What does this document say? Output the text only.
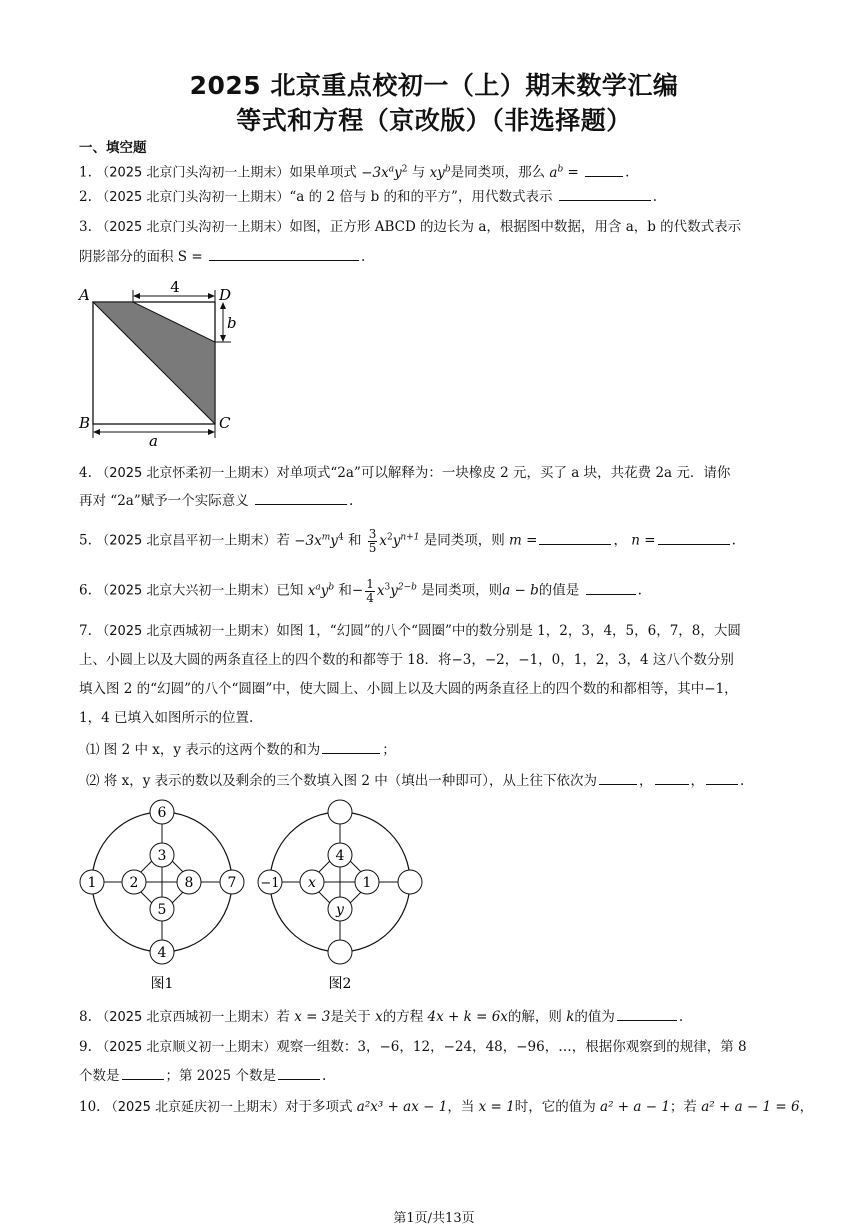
2025 北京重点校初一（上）期末数学汇编
等式和方程（京改版）（非选择题）
一、填空题
1. （2025 北京门头沟初一上期末）如果单项式 $-3x^ay^2$ 与 $xy^b$是同类项，那么 $a^b$ =	.
2. （2025 北京门头沟初一上期末）“a 的 2 倍与 b 的和的平方”，用代数式表示	.
3. （2025 北京门头沟初一上期末）如图，正方形 ABCD 的边长为 a，根据图中数据，用含 a，b 的代数式表示
阴影部分的面积 S =	.
A	D
B	C
4
b
a
4. （2025 北京怀柔初一上期末）对单项式“2a”可以解释为：一块橡皮 2 元，买了 a 块，共花费 2a 元．请你
再对 “2a”赋予一个实际意义	.
5. （2025 北京昌平初一上期末）若 $-3x^my^4$ 和 $\frac{3}{5} x^2y^{n+1}$ 是同类项，则 m =	， n =	.
6. （2025 北京大兴初一上期末）已知 $x^ay^b$ 和− $\frac{1}{4} x^3y^{2-b}$ 是同类项，则a − b的值是	.
7. （2025 北京西城初一上期末）如图 1，“幻圆”的八个“圆圈”中的数分别是 1，2，3，4，5，6，7，8，大圆
上、小圆上以及大圆的两条直径上的四个数的和都等于 18．将−3，−2，−1，0，1，2，3，4 这八个数分别
填入图 2 的“幻圆”的八个“圆圈”中，使大圆上、小圆上以及大圆的两条直径上的四个数的和都相等，其中−1，
1，4 已填入如图所示的位置.
⑴ 图 2 中 x，y 表示的这两个数的和为	；
⑵ 将 x，y 表示的数以及剩余的三个数填入图 2 中（填出一种即可），从上往下依次为	，	，	.
6
1	7
4
3
2	8
5
图1
−1
4
x	1
y
图2
8. （2025 北京西城初一上期末）若 x = 3是关于 x的方程 4x + k = 6x的解，则 k的值为	.
9. （2025 北京顺义初一上期末）观察一组数：3，−6，12，−24，48，−96，…，根据你观察到的规律，第 8
个数是	；第 2025 个数是	.
10. （2025 北京延庆初一上期末）对于多项式 a²x³ + ax − 1，当 x = 1时，它的值为 a² + a − 1；若 a² + a − 1 = 6，
第1页/共13页
